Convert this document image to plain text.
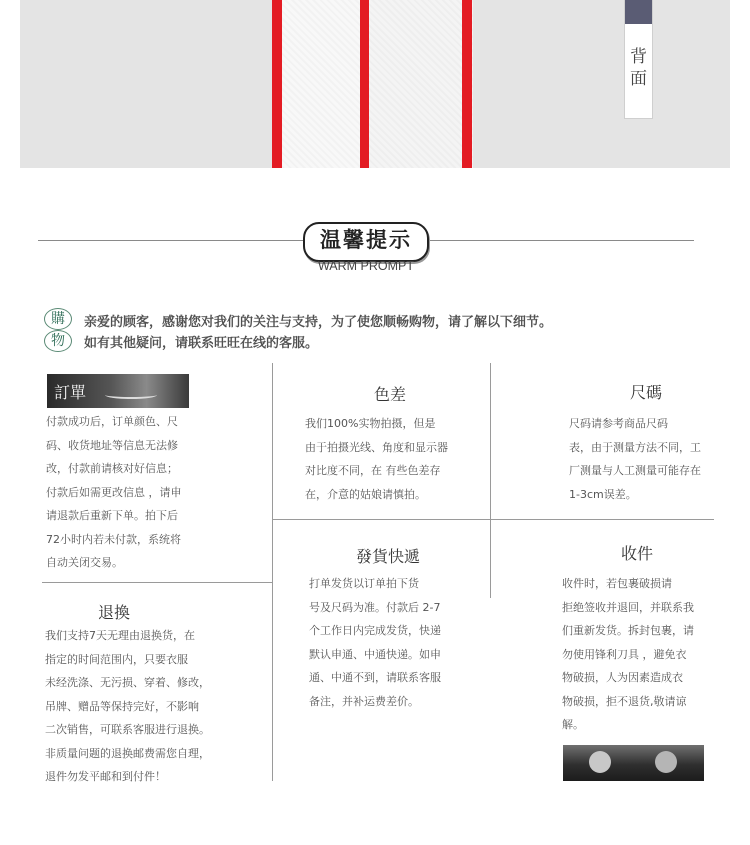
背面
温馨提示
WARM PROMPT
購
物
亲爱的顾客，感谢您对我们的关注与支持，为了使您顺畅购物，请了解以下细节。
如有其他疑问，请联系旺旺在线的客服。
訂單
付款成功后，订单颜色、尺
码、收货地址等信息无法修
改，付款前请核对好信息；
付款后如需更改信息 ，请申
请退款后重新下单。拍下后
72小时内若未付款，系统将
自动关闭交易。
色差
我们100%实物拍摄，但是
由于拍摄光线、角度和显示器
对比度不同，在 有些色差存
在，介意的姑娘请慎拍。
尺碼
尺码请参考商品尺码
表，由于测量方法不同，工
厂测量与人工测量可能存在
1-3cm误差。
退換
我们支持7天无理由退换货，在
指定的时间范围内，只要衣服
未经洗涤、无污损、穿着、修改，
吊牌、赠品等保持完好，不影响
二次销售，可联系客服进行退换。
非质量问题的退换邮费需您自理，
退件勿发平邮和到付件！
發貨快遞
打单发货以订单拍下货
号及尺码为准。付款后 2-7
个工作日内完成发货，快递
默认申通、中通快递。如申
通、中通不到，请联系客服
备注，并补运费差价。
收件
收件时，若包裹破损请
拒绝签收并退回，并联系我
们重新发货。拆封包裹，请
勿使用锋利刀具 ，避免衣
物破损，人为因素造成衣
物破损，拒不退货,敬请谅
解。
